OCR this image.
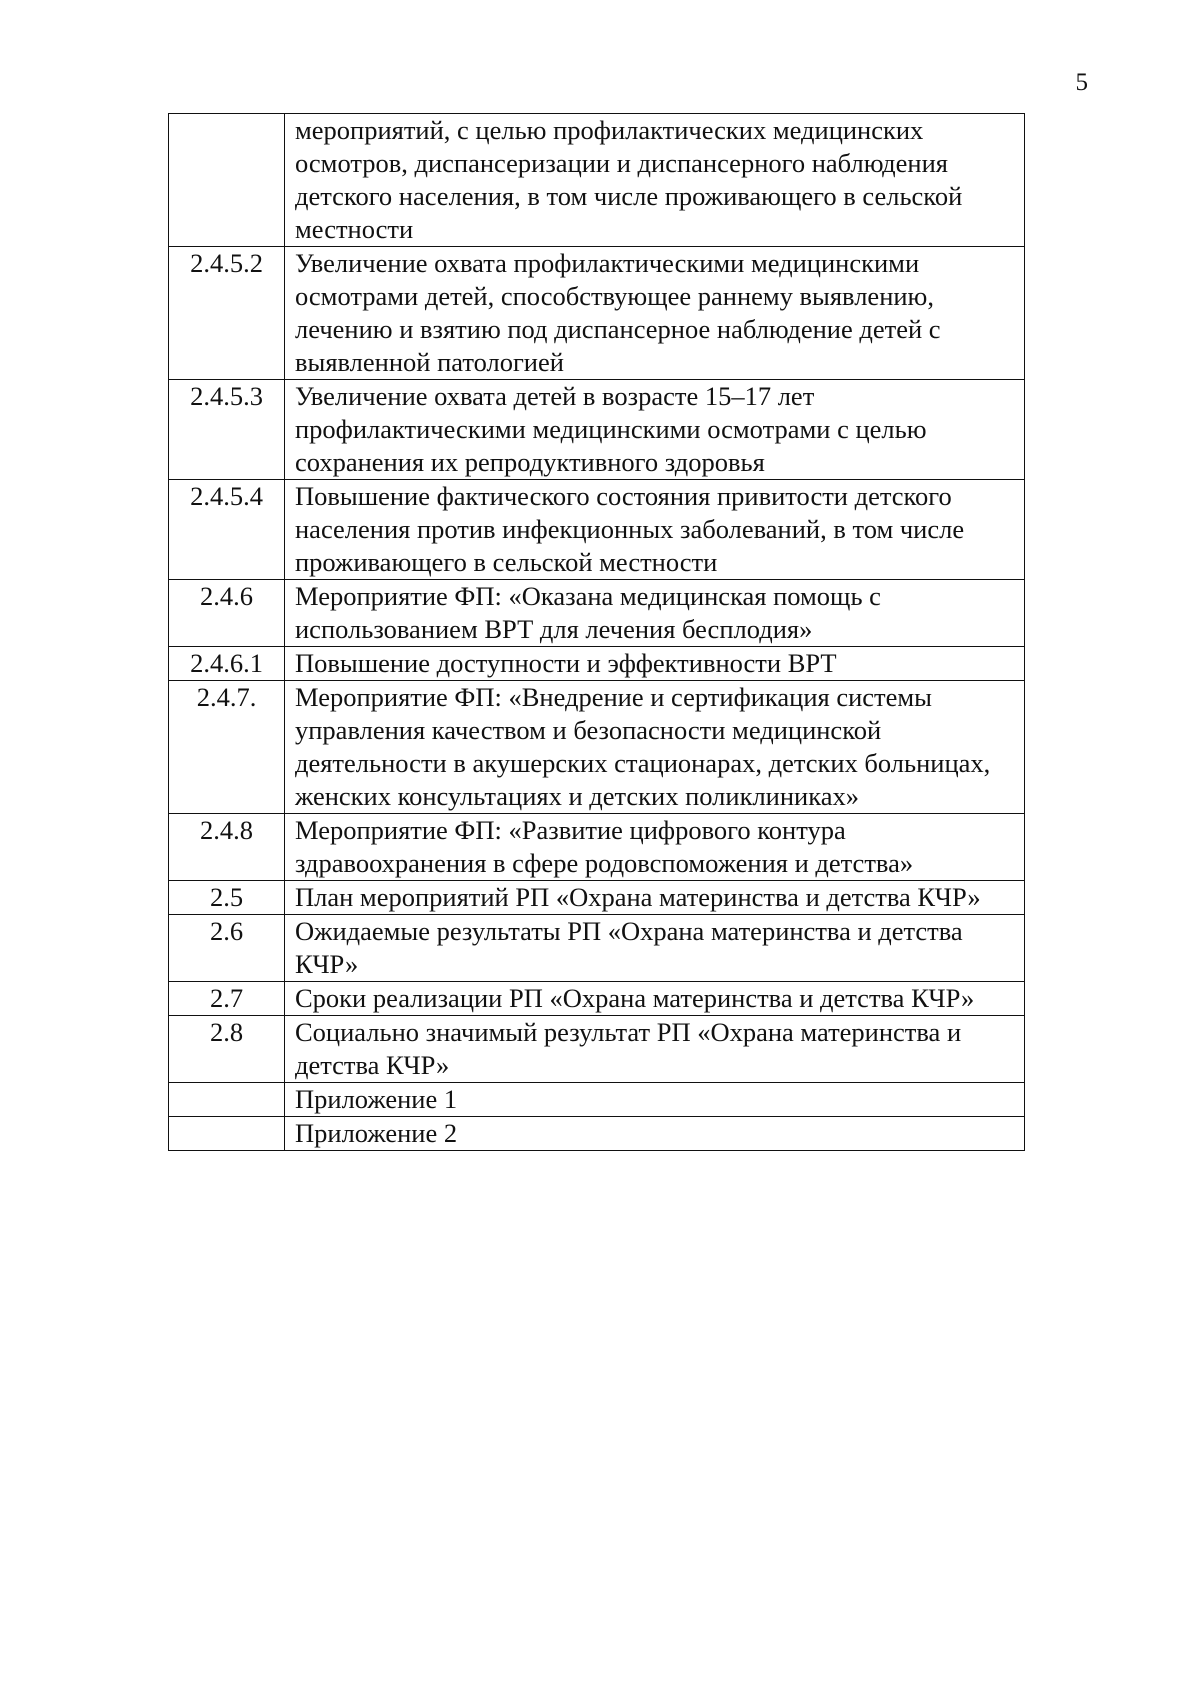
5
	мероприятий, с целью профилактических медицинских осмотров, диспансеризации и диспансерного наблюдения детского населения, в том числе проживающего в сельской местности
2.4.5.2	Увеличение охвата профилактическими медицинскими осмотрами детей, способствующее раннему выявлению, лечению и взятию под диспансерное наблюдение детей с выявленной патологией
2.4.5.3	Увеличение охвата детей в возрасте 15–17 лет профилактическими медицинскими осмотрами с целью сохранения их репродуктивного здоровья
2.4.5.4	Повышение фактического состояния привитости детского населения против инфекционных заболеваний, в том числе проживающего в сельской местности
2.4.6	Мероприятие ФП: «Оказана медицинская помощь с использованием ВРТ для лечения бесплодия»
2.4.6.1	Повышение доступности и эффективности ВРТ
2.4.7.	Мероприятие ФП: «Внедрение и сертификация системы управления качеством и безопасности медицинской деятельности в акушерских стационарах, детских больницах, женских консультациях и детских поликлиниках»
2.4.8	Мероприятие ФП: «Развитие цифрового контура здравоохранения в сфере родовспоможения и детства»
2.5	План мероприятий РП «Охрана материнства и детства КЧР»
2.6	Ожидаемые результаты РП «Охрана материнства и детства КЧР»
2.7	Сроки реализации РП «Охрана материнства и детства КЧР»
2.8	Социально значимый результат РП «Охрана материнства и детства КЧР»
	Приложение 1
	Приложение 2
